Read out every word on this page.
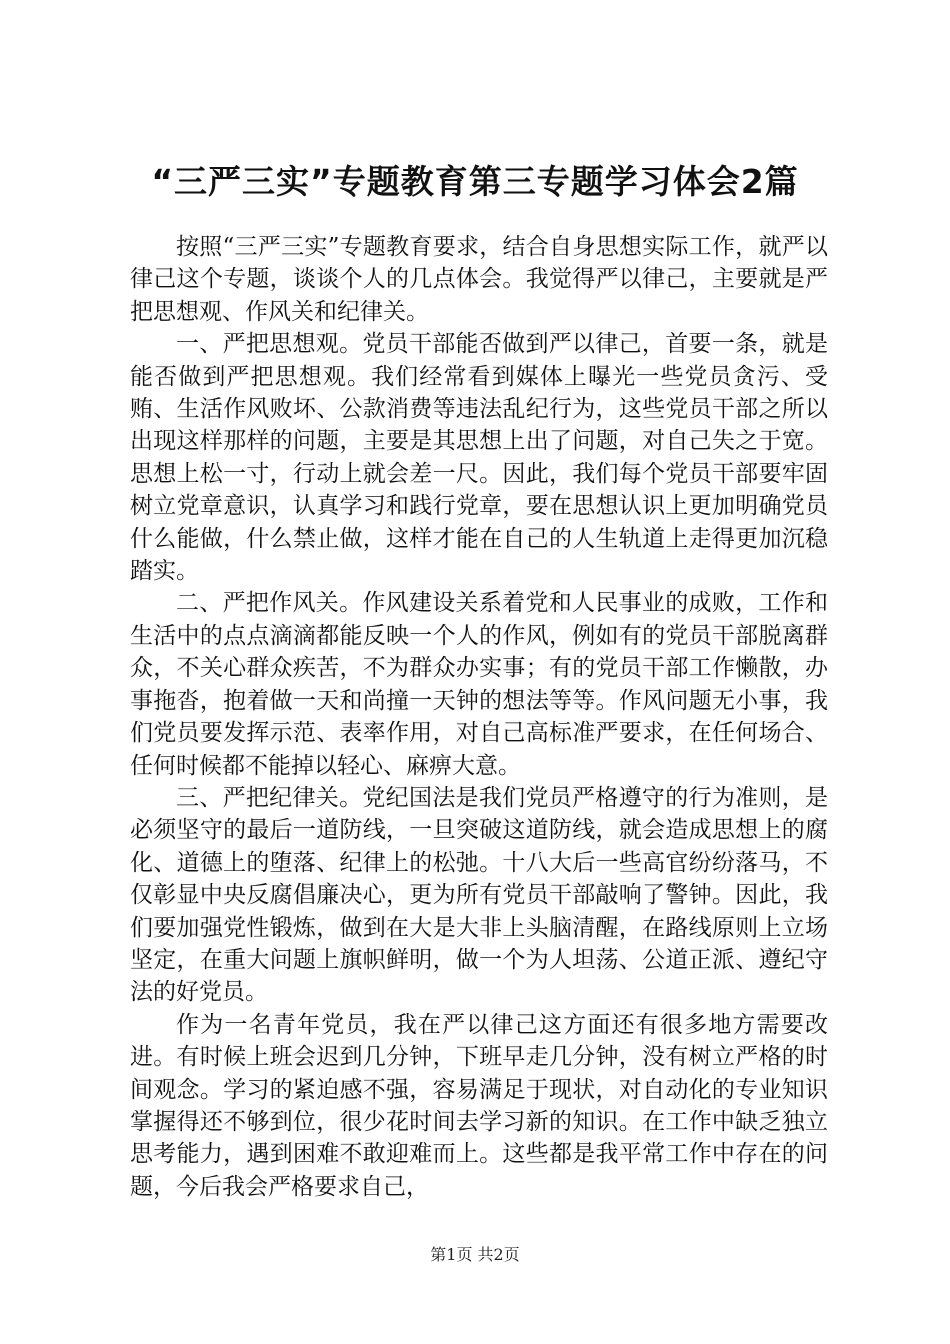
“三严三实”专题教育第三专题学习体会2篇

按照“三严三实”专题教育要求，结合自身思想实际工作，就严以律己这个专题，谈谈个人的几点体会。我觉得严以律己，主要就是严把思想观、作风关和纪律关。

一、严把思想观。党员干部能否做到严以律己，首要一条，就是能否做到严把思想观。我们经常看到媒体上曝光一些党员贪污、受贿、生活作风败坏、公款消费等违法乱纪行为，这些党员干部之所以出现这样那样的问题，主要是其思想上出了问题，对自己失之于宽。思想上松一寸，行动上就会差一尺。因此，我们每个党员干部要牢固树立党章意识，认真学习和践行党章，要在思想认识上更加明确党员什么能做，什么禁止做，这样才能在自己的人生轨道上走得更加沉稳踏实。

二、严把作风关。作风建设关系着党和人民事业的成败，工作和生活中的点点滴滴都能反映一个人的作风，例如有的党员干部脱离群众，不关心群众疾苦，不为群众办实事；有的党员干部工作懒散，办事拖沓，抱着做一天和尚撞一天钟的想法等等。作风问题无小事，我们党员要发挥示范、表率作用，对自己高标准严要求，在任何场合、任何时候都不能掉以轻心、麻痹大意。

三、严把纪律关。党纪国法是我们党员严格遵守的行为准则，是必须坚守的最后一道防线，一旦突破这道防线，就会造成思想上的腐化、道德上的堕落、纪律上的松弛。十八大后一些高官纷纷落马，不仅彰显中央反腐倡廉决心，更为所有党员干部敲响了警钟。因此，我们要加强党性锻炼，做到在大是大非上头脑清醒，在路线原则上立场坚定，在重大问题上旗帜鲜明，做一个为人坦荡、公道正派、遵纪守法的好党员。

作为一名青年党员，我在严以律己这方面还有很多地方需要改进。有时候上班会迟到几分钟，下班早走几分钟，没有树立严格的时间观念。学习的紧迫感不强，容易满足于现状，对自动化的专业知识掌握得还不够到位，很少花时间去学习新的知识。在工作中缺乏独立思考能力，遇到困难不敢迎难而上。这些都是我平常工作中存在的问题，今后我会严格要求自己，

第1页 共2页
